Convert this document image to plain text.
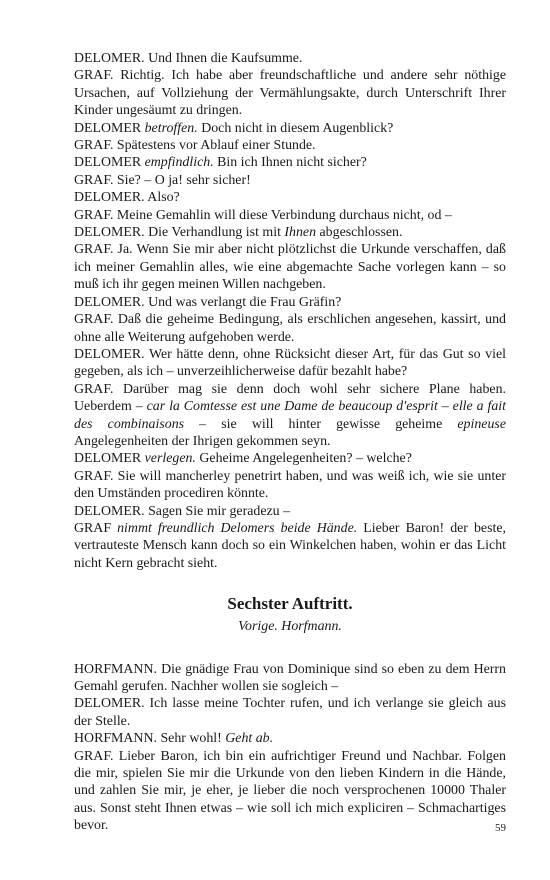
DELOMER. Und Ihnen die Kaufsumme.

GRAF. Richtig. Ich habe aber freundschaftliche und andere sehr nöthige Ursachen, auf Vollziehung der Vermählungsakte, durch Unterschrift Ihrer Kinder ungesäumt zu dringen.

DELOMER betroffen. Doch nicht in diesem Augenblick?

GRAF. Spätestens vor Ablauf einer Stunde.

DELOMER empfindlich. Bin ich Ihnen nicht sicher?

GRAF. Sie? – O ja! sehr sicher!

DELOMER. Also?

GRAF. Meine Gemahlin will diese Verbindung durchaus nicht, od –

DELOMER. Die Verhandlung ist mit Ihnen abgeschlossen.

GRAF. Ja. Wenn Sie mir aber nicht plötzlichst die Urkunde verschaffen, daß ich meiner Gemahlin alles, wie eine abgemachte Sache vorlegen kann – so muß ich ihr gegen meinen Willen nachgeben.

DELOMER. Und was verlangt die Frau Gräfin?

GRAF. Daß die geheime Bedingung, als erschlichen angesehen, kassirt, und ohne alle Weiterung aufgehoben werde.

DELOMER. Wer hätte denn, ohne Rücksicht dieser Art, für das Gut so viel gegeben, als ich – unverzeihlicherweise dafür bezahlt habe?

GRAF. Darüber mag sie denn doch wohl sehr sichere Plane haben. Ueberdem – car la Comtesse est une Dame de beaucoup d'esprit – elle a fait des combinaisons – sie will hinter gewisse geheime epineuse Angelegenheiten der Ihrigen gekommen seyn.

DELOMER verlegen. Geheime Angelegenheiten? – welche?

GRAF. Sie will mancherley penetrirt haben, und was weiß ich, wie sie unter den Umständen procediren könnte.

DELOMER. Sagen Sie mir geradezu –

GRAF nimmt freundlich Delomers beide Hände. Lieber Baron! der beste, vertrauteste Mensch kann doch so ein Winkelchen haben, wohin er das Licht nicht Kern gebracht sieht.

Sechster Auftritt.
Vorige. Horfmann.

HORFMANN. Die gnädige Frau von Dominique sind so eben zu dem Herrn Gemahl gerufen. Nachher wollen sie sogleich –

DELOMER. Ich lasse meine Tochter rufen, und ich verlange sie gleich aus der Stelle.

HORFMANN. Sehr wohl! Geht ab.

GRAF. Lieber Baron, ich bin ein aufrichtiger Freund und Nachbar. Folgen die mir, spielen Sie mir die Urkunde von den lieben Kindern in die Hände, und zahlen Sie mir, je eher, je lieber die noch versprochenen 10000 Thaler aus. Sonst steht Ihnen etwas – wie soll ich mich expliciren – Schmachartiges bevor.	59
